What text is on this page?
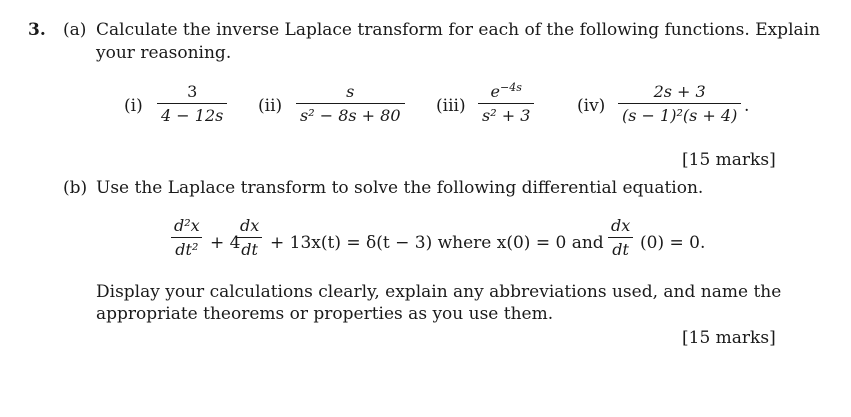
3. (a) Calculate the inverse Laplace transform for each of the following functions. Explain
your reasoning.
$(i) \frac{3}{4 - 12s} (ii) \frac{s}{\text{s² − 8s + 80}} (iii) \frac{e^{-4s}}{\text{s² + 3}}$	$(iv) \frac{2s + 3}{\text{(s − 1)²(s + 4)}}$ .
[15 marks]
(b) Use the Laplace transform to solve the following differential equation.
$\frac{\text{d²x}}{\text{dt²}} + 4$
$\frac{dx}{dt} + 13x(t) = \delta(t - 3)$ where x(0) = 0 and $\frac{dx}{dt} (0) = 0$.
Display your calculations clearly, explain any abbreviations used, and name the
appropriate theorems or properties as you use them.
[15 marks]
